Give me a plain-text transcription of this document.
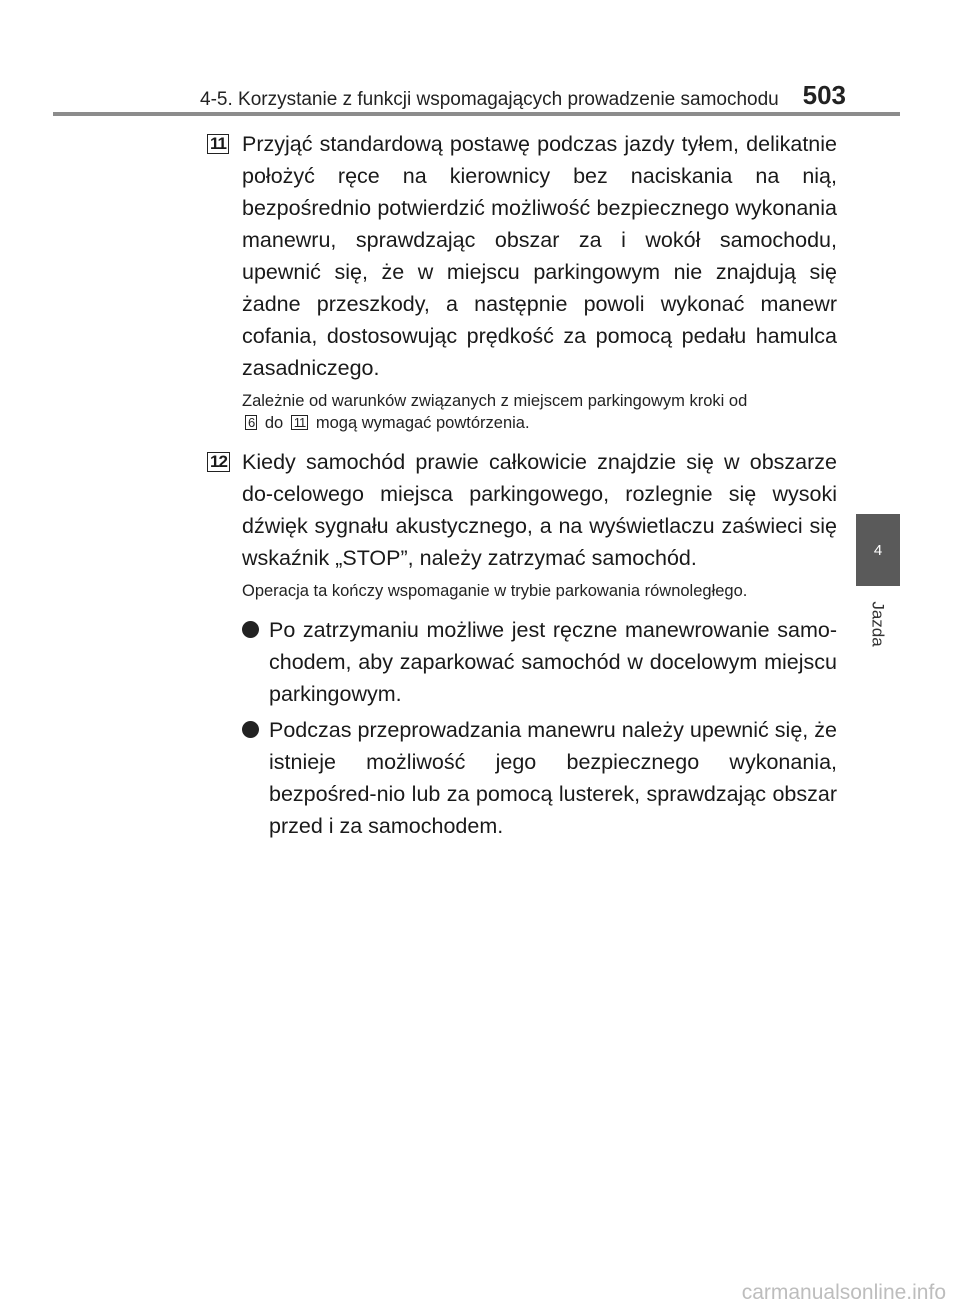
4-5. Korzystanie z funkcji wspomagających prowadzenie samochodu 503
4
Jazda
11 Przyjąć standardową postawę podczas jazdy tyłem, delikatnie położyć ręce na kierownicy bez naciskania na nią, bezpośrednio potwierdzić możliwość bezpiecznego wykonania manewru, sprawdzając obszar za i wokół samochodu, upewnić się, że w miejscu parkingowym nie znajdują się żadne przeszkody, a następnie powoli wykonać manewr cofania, dostosowując prędkość za pomocą pedału hamulca zasadniczego.

Zależnie od warunków związanych z miejscem parkingowym kroki od
6 do 11 mogą wymagać powtórzenia.

12 Kiedy samochód prawie całkowicie znajdzie się w obszarze do-celowego miejsca parkingowego, rozlegnie się wysoki dźwięk sygnału akustycznego, a na wyświetlaczu zaświeci się wskaźnik „STOP”, należy zatrzymać samochód.

Operacja ta kończy wspomaganie w trybie parkowania równoległego.

Po zatrzymaniu możliwe jest ręczne manewrowanie samo-chodem, aby zaparkować samochód w docelowym miejscu parkingowym.

Podczas przeprowadzania manewru należy upewnić się, że istnieje możliwość jego bezpiecznego wykonania, bezpośred-nio lub za pomocą lusterek, sprawdzając obszar przed i za samochodem.

carmanualsonline.info
